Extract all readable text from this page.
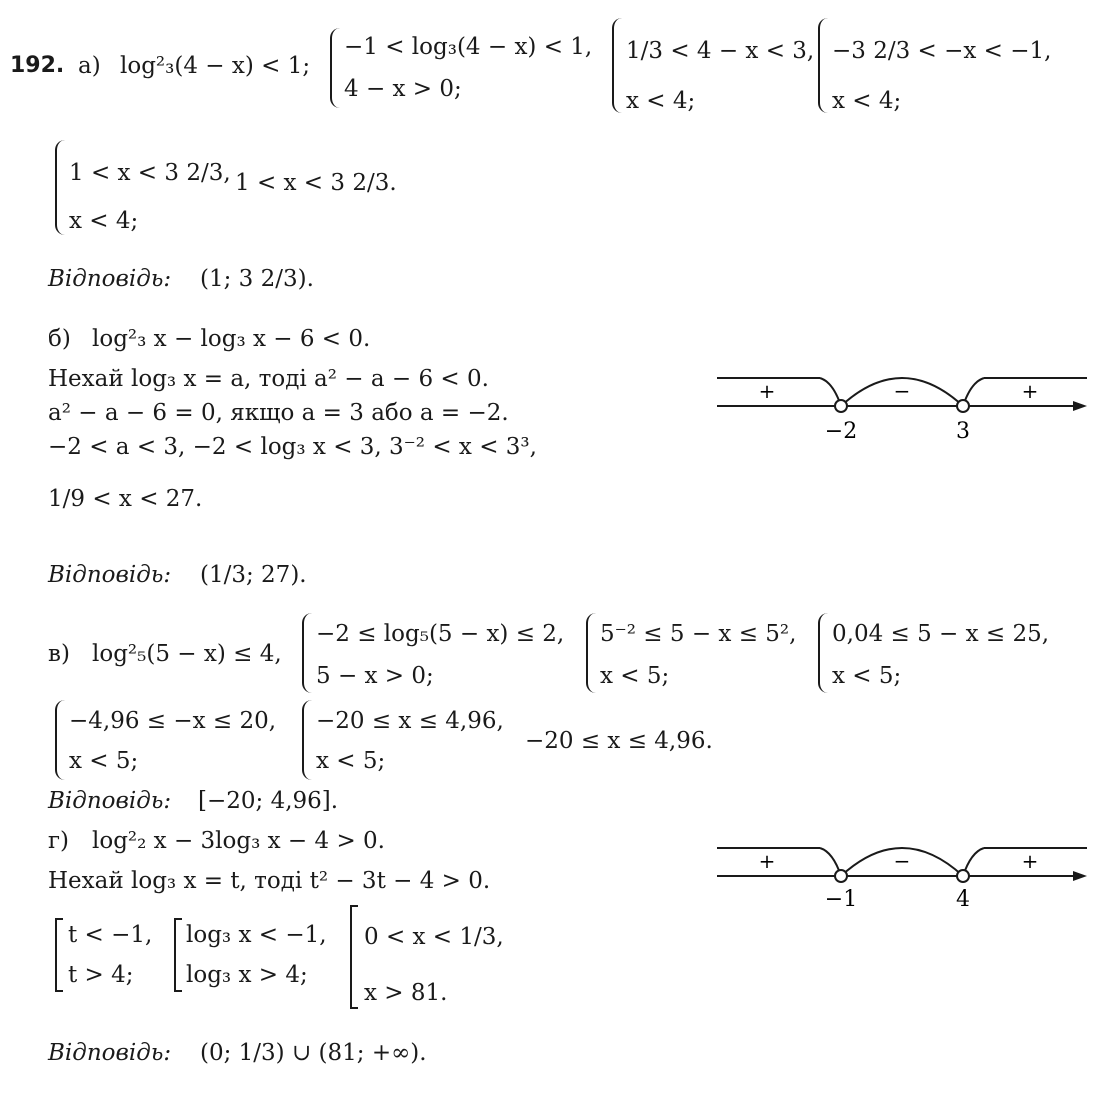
192. а) log²₃(4 − x) < 1;
−1 < log₃(4 − x) < 1,
4 − x > 0;
1/3 < 4 − x < 3,
x < 4;
−3 2/3 < −x < −1,
x < 4;
1 < x < 3 2/3,
x < 4;
1 < x < 3 2/3.
Відповідь: (1; 3 2/3).
б) log²₃ x − log₃ x − 6 < 0.
Нехай log₃ x = a, тоді a² − a − 6 < 0.
a² − a − 6 = 0, якщо a = 3 або a = −2.
−2 < a < 3, −2 < log₃ x < 3, 3⁻² < x < 3³,
1/9 < x < 27.
Відповідь: (1/3; 27).
+	−	+
−2	3
в) log²₅(5 − x) ≤ 4,
−2 ≤ log₅(5 − x) ≤ 2,
5 − x > 0;
5⁻² ≤ 5 − x ≤ 5²,
x < 5;
0,04 ≤ 5 − x ≤ 25,
x < 5;
−4,96 ≤ −x ≤ 20,
x < 5;
−20 ≤ x ≤ 4,96,
x < 5;
−20 ≤ x ≤ 4,96.
Відповідь: [−20; 4,96].
г) log²₂ x − 3log₃ x − 4 > 0.
Нехай log₃ x = t, тоді t² − 3t − 4 > 0.
t < −1,
t > 4;
log₃ x < −1,
log₃ x > 4;
0 < x < 1/3,
x > 81.
Відповідь: (0; 1/3) ∪ (81; +∞).
+	−	+
−1	4
